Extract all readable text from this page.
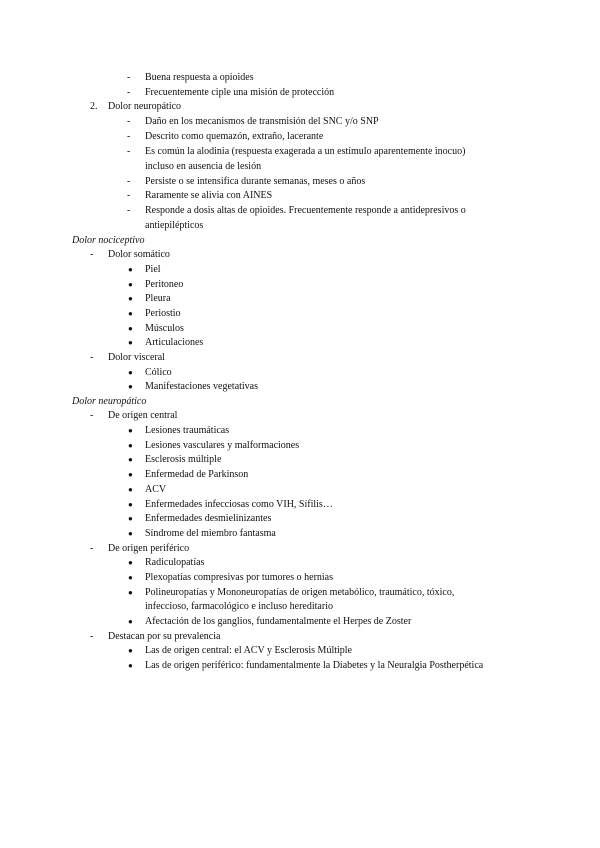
- Buena respuesta a opioides
- Frecuentemente ciple una misión de protección
2. Dolor neuropático
- Daño en los mecanismos de transmisión del SNC y/o SNP
- Descrito como quemazón, extraño, lacerante
- Es común la alodinia (respuesta exagerada a un estímulo aparentemente inocuo)
incluso en ausencia de lesión
- Persiste o se intensifica durante semanas, meses o años
- Raramente se alivia con AINES
- Responde a dosis altas de opioides. Frecuentemente responde a antidepresivos o
antiepilépticos
Dolor nociceptivo
- Dolor somático
● Piel
● Peritoneo
● Pleura
● Periostio
● Músculos
● Articulaciones
- Dolor visceral
● Cólico
● Manifestaciones vegetativas
Dolor neuropático
- De origen central
● Lesiones traumáticas
● Lesiones vasculares y malformaciones
● Esclerosis múltiple
● Enfermedad de Parkinson
● ACV
● Enfermedades infecciosas como VIH, Sífilis…
● Enfermedades desmielinizantes
● Síndrome del miembro fantasma
- De origen periférico
● Radiculopatías
● Plexopatías compresivas por tumores o hernias
● Polineuropatías y Mononeuropatías de origen metabólico, traumático, tóxico,
infeccioso, farmacológico e incluso hereditario
● Afectación de los ganglios, fundamentalmente el Herpes de Zoster
- Destacan por su prevalencia
● Las de origen central: el ACV y Esclerosis Múltiple
● Las de origen periférico: fundamentalmente la Diabetes y la Neuralgia Postherpética
